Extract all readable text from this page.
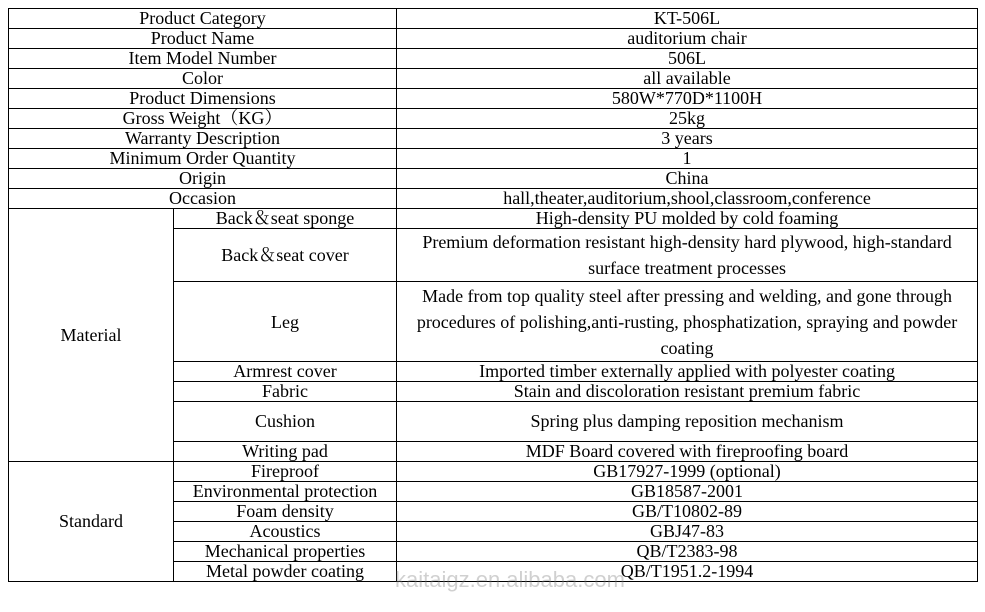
Product Category		KT-506L
Product Name		auditorium chair
Item Model Number		506L
Color		all available
Product Dimensions		580W*770D*1100H
Gross Weight（KG）		25kg
Warranty Description		3 years
Minimum Order Quantity		1
Origin		China
Occasion		hall,theater,auditorium,shool,classroom,conference
Material	Back＆seat sponge	High-density PU molded by cold foaming
	Back＆seat cover	Premium deformation resistant high-density hard plywood, high-standard surface treatment processes
	Leg	Made from top quality steel after pressing and welding, and gone through procedures of polishing,anti-rusting, phosphatization, spraying and powder coating
	Armrest cover	Imported timber externally applied with polyester coating
	Fabric	Stain and discoloration resistant premium fabric
	Cushion	Spring plus damping reposition mechanism
	Writing pad	MDF Board covered with fireproofing board
Standard	Fireproof	GB17927-1999 (optional)
	Environmental protection	GB18587-2001
	Foam density	GB/T10802-89
	Acoustics	GBJ47-83
	Mechanical properties	QB/T2383-98
	Metal powder coating	QB/T1951.2-1994
kaitaigz.en.alibaba.com
